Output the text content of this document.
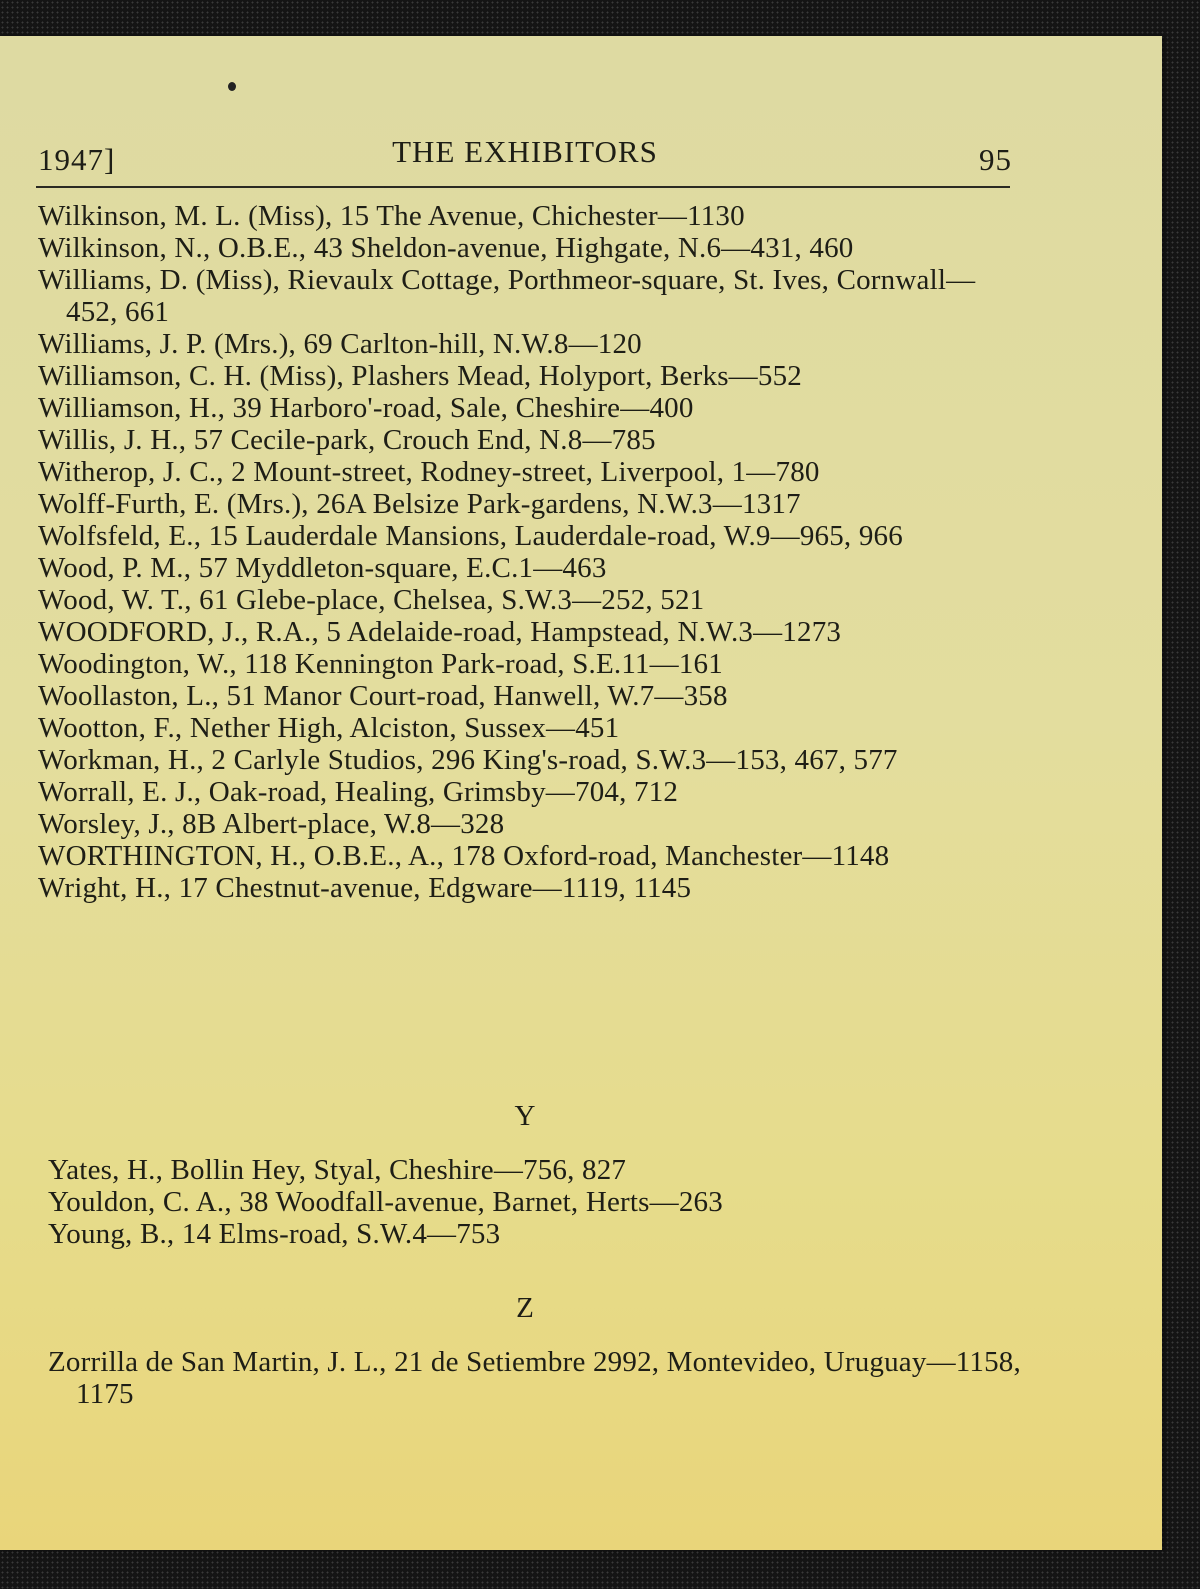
1947]	THE EXHIBITORS	95

Wilkinson, M. L. (Miss), 15 The Avenue, Chichester—1130

Wilkinson, N., O.B.E., 43 Sheldon-avenue, Highgate, N.6—431, 460

Williams, D. (Miss), Rievaulx Cottage, Porthmeor-square, St. Ives, Cornwall—452, 661

Williams, J. P. (Mrs.), 69 Carlton-hill, N.W.8—120

Williamson, C. H. (Miss), Plashers Mead, Holyport, Berks—552

Williamson, H., 39 Harboro'-road, Sale, Cheshire—400

Willis, J. H., 57 Cecile-park, Crouch End, N.8—785

Witherop, J. C., 2 Mount-street, Rodney-street, Liverpool, 1—780

Wolff-Furth, E. (Mrs.), 26A Belsize Park-gardens, N.W.3—1317

Wolfsfeld, E., 15 Lauderdale Mansions, Lauderdale-road, W.9—965, 966

Wood, P. M., 57 Myddleton-square, E.C.1—463

Wood, W. T., 61 Glebe-place, Chelsea, S.W.3—252, 521

WOODFORD, J., R.A., 5 Adelaide-road, Hampstead, N.W.3—1273

Woodington, W., 118 Kennington Park-road, S.E.11—161

Woollaston, L., 51 Manor Court-road, Hanwell, W.7—358

Wootton, F., Nether High, Alciston, Sussex—451

Workman, H., 2 Carlyle Studios, 296 King's-road, S.W.3—153, 467, 577

Worrall, E. J., Oak-road, Healing, Grimsby—704, 712

Worsley, J., 8B Albert-place, W.8—328

WORTHINGTON, H., O.B.E., A., 178 Oxford-road, Manchester—1148

Wright, H., 17 Chestnut-avenue, Edgware—1119, 1145

Y

Yates, H., Bollin Hey, Styal, Cheshire—756, 827

Youldon, C. A., 38 Woodfall-avenue, Barnet, Herts—263

Young, B., 14 Elms-road, S.W.4—753

Z

Zorrilla de San Martin, J. L., 21 de Setiembre 2992, Montevideo, Uruguay—1158, 1175
